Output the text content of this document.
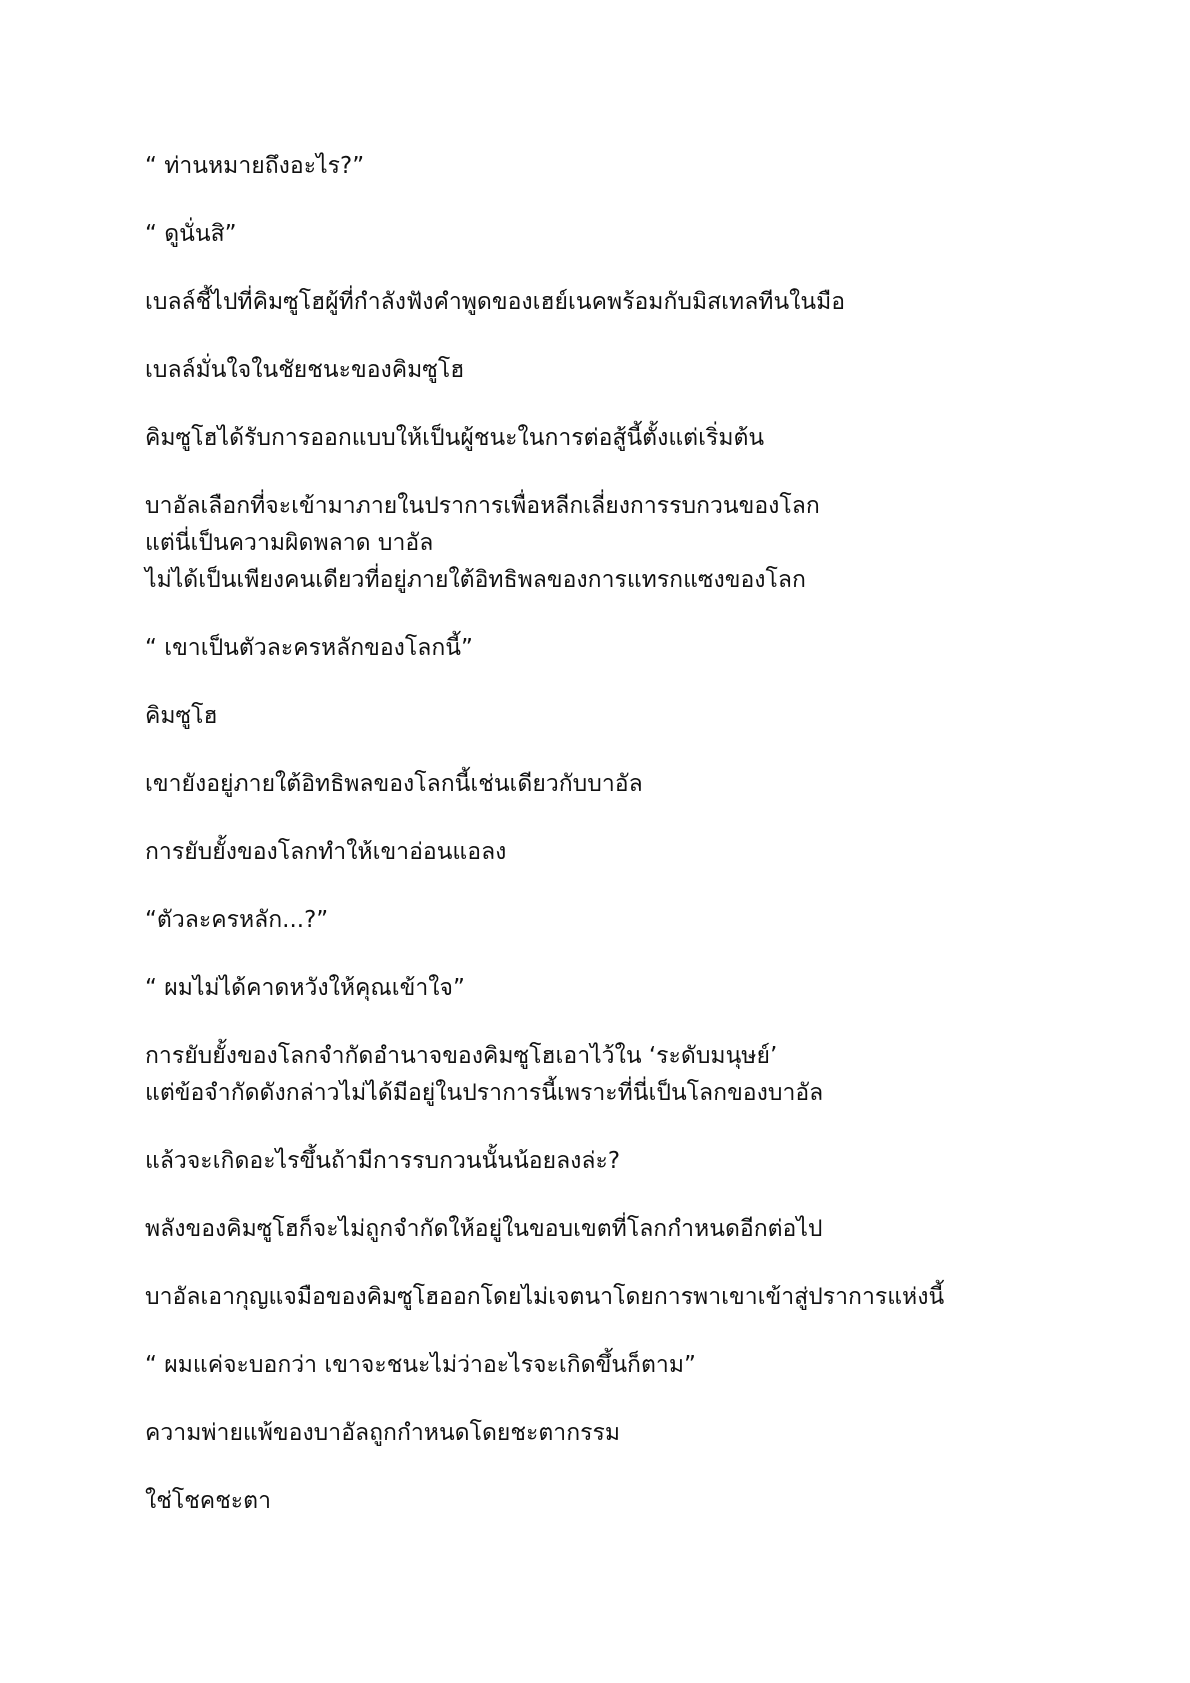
“ ท่านหมายถึงอะไร?”

“ ดูนั่นสิ”

เบลล์ชี้ไปที่คิมซูโฮผู้ที่กำลังฟังคำพูดของเฮย์เนคพร้อมกับมิสเทลทีนในมือ

เบลล์มั่นใจในชัยชนะของคิมซูโฮ

คิมซูโฮได้รับการออกแบบให้เป็นผู้ชนะในการต่อสู้นี้ตั้งแต่เริ่มต้น

บาอัลเลือกที่จะเข้ามาภายในปราการเพื่อหลีกเลี่ยงการรบกวนของโลก
แต่นี่เป็นความผิดพลาด บาอัล
ไม่ได้เป็นเพียงคนเดียวที่อยู่ภายใต้อิทธิพลของการแทรกแซงของโลก

“ เขาเป็นตัวละครหลักของโลกนี้”

คิมซูโฮ

เขายังอยู่ภายใต้อิทธิพลของโลกนี้เช่นเดียวกับบาอัล

การยับยั้งของโลกทำให้เขาอ่อนแอลง

“ตัวละครหลัก...?”

“ ผมไม่ได้คาดหวังให้คุณเข้าใจ”

การยับยั้งของโลกจำกัดอำนาจของคิมซูโฮเอาไว้ใน ‘ระดับมนุษย์’
แต่ข้อจำกัดดังกล่าวไม่ได้มีอยู่ในปราการนี้เพราะที่นี่เป็นโลกของบาอัล

แล้วจะเกิดอะไรขึ้นถ้ามีการรบกวนนั้นน้อยลงล่ะ?

พลังของคิมซูโฮก็จะไม่ถูกจำกัดให้อยู่ในขอบเขตที่โลกกำหนดอีกต่อไป

บาอัลเอากุญแจมือของคิมซูโฮออกโดยไม่เจตนาโดยการพาเขาเข้าสู่ปราการแห่งนี้

“ ผมแค่จะบอกว่า เขาจะชนะไม่ว่าอะไรจะเกิดขึ้นก็ตาม”

ความพ่ายแพ้ของบาอัลถูกกำหนดโดยชะตากรรม

ใช่โชคชะตา
